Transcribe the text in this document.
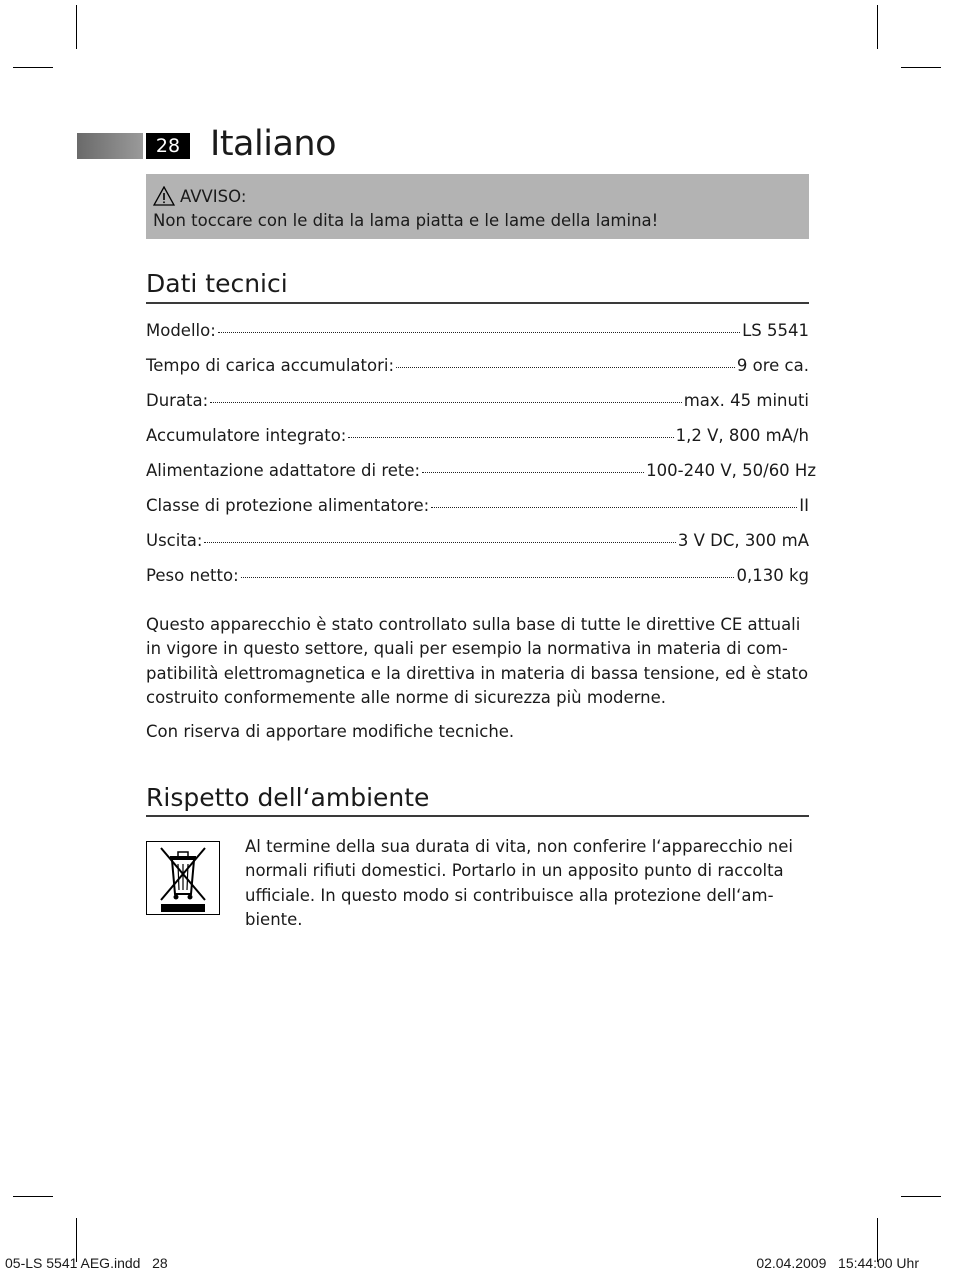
28 Italiano
AVVISO:
Non toccare con le dita la lama piatta e le lame della lamina!
Dati tecnici
Modello:	LS 5541
Tempo di carica accumulatori:	9 ore ca.
Durata:	max. 45 minuti
Accumulatore integrato:	1,2 V, 800 mA/h
Alimentazione adattatore di rete:	100-240 V, 50/60 Hz
Classe di protezione alimentatore:	II
Uscita:	3 V DC, 300 mA
Peso netto:	0,130 kg
Questo apparecchio è stato controllato sulla base di tutte le direttive CE attuali
in vigore in questo settore, quali per esempio la normativa in materia di com-
patibilità elettromagnetica e la direttiva in materia di bassa tensione, ed è stato
costruito conformemente alle norme di sicurezza più moderne.
Con riserva di apportare modifiche tecniche.
Rispetto dell‘ambiente
Al termine della sua durata di vita, non conferire l‘apparecchio nei
normali rifiuti domestici. Portarlo in un apposito punto di raccolta
ufficiale. In questo modo si contribuisce alla protezione dell‘am-
biente.
05-LS 5541 AEG.indd   28	02.04.2009   15:44:00 Uhr
